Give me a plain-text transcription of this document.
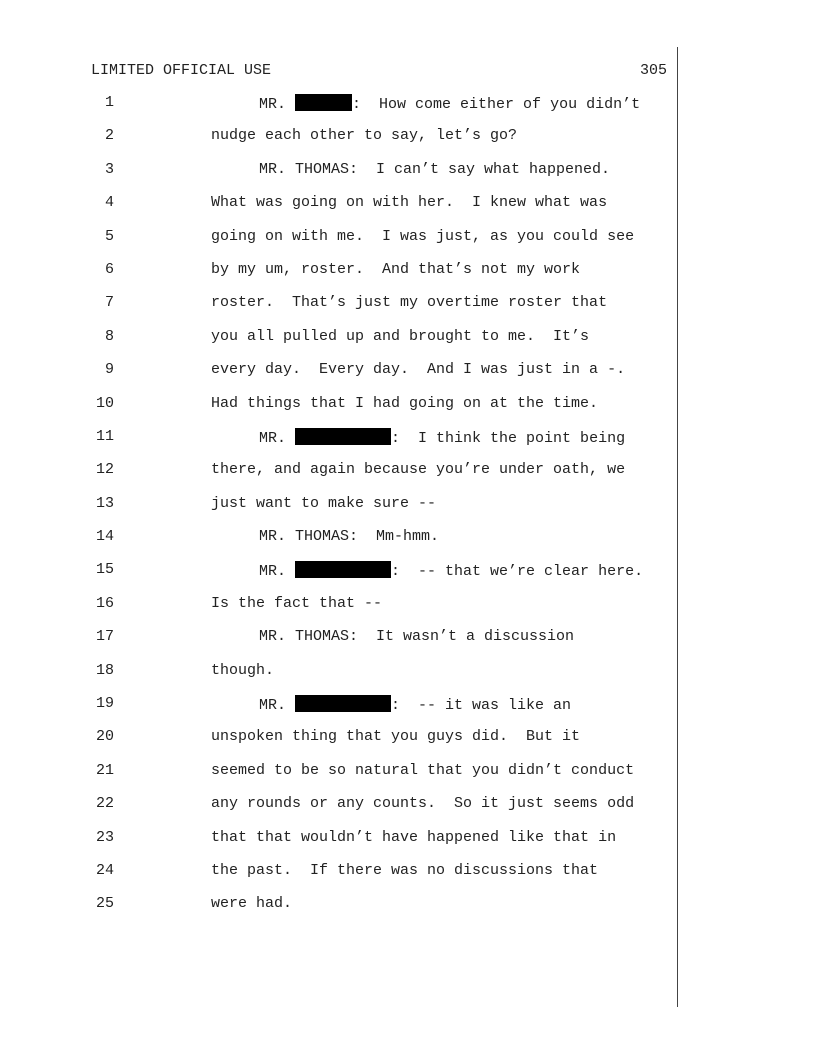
LIMITED OFFICIAL USE	305
1	MR.	:  How come either of you didn’t
2	nudge each other to say, let’s go?
3	MR. THOMAS:  I can’t say what happened.
4	What was going on with her.  I knew what was
5	going on with me.  I was just, as you could see
6	by my um, roster.  And that’s not my work
7	roster.  That’s just my overtime roster that
8	you all pulled up and brought to me.  It’s
9	every day.  Every day.  And I was just in a -.
10	Had things that I had going on at the time.
11	MR.	:  I think the point being
12	there, and again because you’re under oath, we
13	just want to make sure --
14	MR. THOMAS:  Mm-hmm.
15	MR.	:  -- that we’re clear here.
16	Is the fact that --
17	MR. THOMAS:  It wasn’t a discussion
18	though.
19	MR.	:  -- it was like an
20	unspoken thing that you guys did.  But it
21	seemed to be so natural that you didn’t conduct
22	any rounds or any counts.  So it just seems odd
23	that that wouldn’t have happened like that in
24	the past.  If there was no discussions that
25	were had.
